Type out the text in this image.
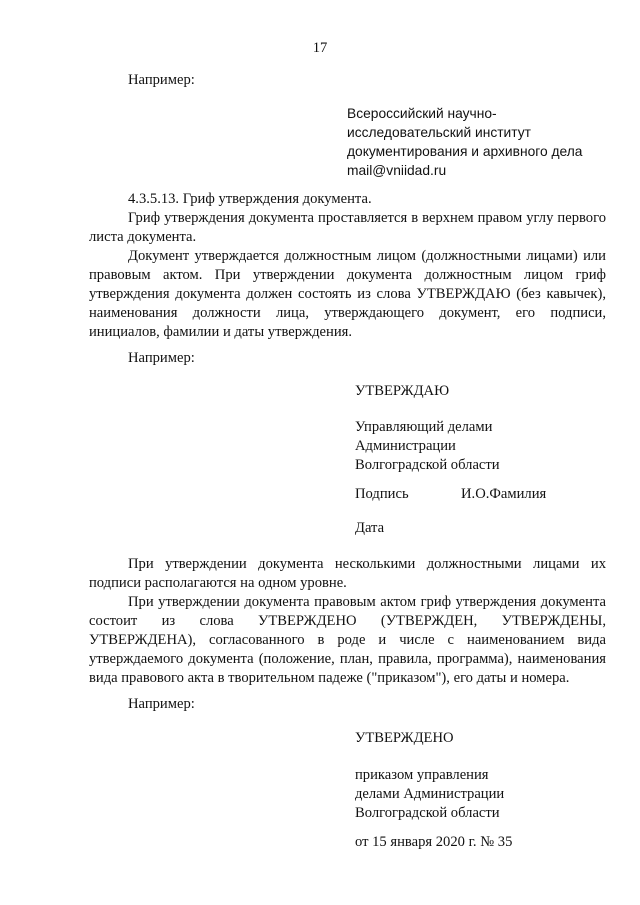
17
Например:
Всероссийский научно-
исследовательский институт
документирования и архивного дела
mail@vniidad.ru
4.3.5.13. Гриф утверждения документа.
Гриф утверждения документа проставляется в верхнем правом углу первого листа документа.
Документ утверждается должностным лицом (должностными лицами) или правовым актом. При утверждении документа должностным лицом гриф утверждения документа должен состоять из слова УТВЕРЖДАЮ (без кавычек), наименования должности лица, утверждающего документ, его подписи, инициалов, фамилии и даты утверждения.
Например:
УТВЕРЖДАЮ
Управляющий делами
Администрации
Волгоградской области
Подпись	И.О.Фамилия
Дата
При утверждении документа несколькими должностными лицами их подписи располагаются на одном уровне.
При утверждении документа правовым актом гриф утверждения документа состоит из слова УТВЕРЖДЕНО (УТВЕРЖДЕН, УТВЕРЖДЕНЫ, УТВЕРЖДЕНА), согласованного в роде и числе с наименованием вида утверждаемого документа (положение, план, правила, программа), наименования вида правового акта в творительном падеже ("приказом"), его даты и номера.
Например:
УТВЕРЖДЕНО
приказом управления
делами Администрации
Волгоградской области
от 15 января 2020 г. № 35
